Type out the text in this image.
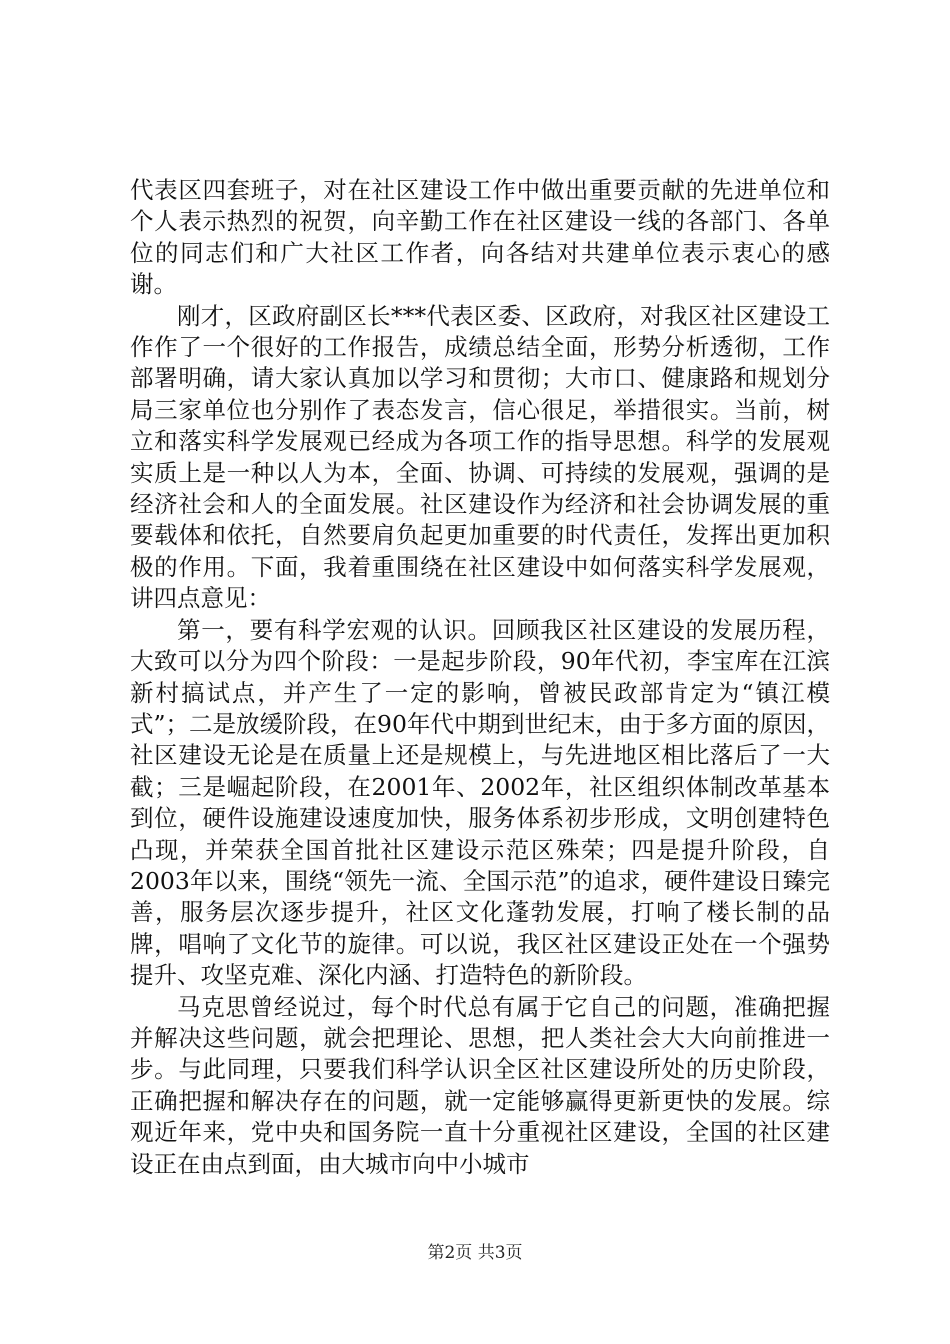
代表区四套班子，对在社区建设工作中做出重要贡献的先进单位和个人表示热烈的祝贺，向辛勤工作在社区建设一线的各部门、各单位的同志们和广大社区工作者，向各结对共建单位表示衷心的感谢。

刚才，区政府副区长***代表区委、区政府，对我区社区建设工作作了一个很好的工作报告，成绩总结全面，形势分析透彻，工作部署明确，请大家认真加以学习和贯彻；大市口、健康路和规划分局三家单位也分别作了表态发言，信心很足，举措很实。当前，树立和落实科学发展观已经成为各项工作的指导思想。科学的发展观实质上是一种以人为本，全面、协调、可持续的发展观，强调的是经济社会和人的全面发展。社区建设作为经济和社会协调发展的重要载体和依托，自然要肩负起更加重要的时代责任，发挥出更加积极的作用。下面，我着重围绕在社区建设中如何落实科学发展观，讲四点意见：

第一，要有科学宏观的认识。回顾我区社区建设的发展历程，大致可以分为四个阶段：一是起步阶段，90年代初，李宝库在江滨新村搞试点，并产生了一定的影响，曾被民政部肯定为“镇江模式”；二是放缓阶段，在90年代中期到世纪末，由于多方面的原因，社区建设无论是在质量上还是规模上，与先进地区相比落后了一大截；三是崛起阶段，在2001年、2002年，社区组织体制改革基本到位，硬件设施建设速度加快，服务体系初步形成，文明创建特色凸现，并荣获全国首批社区建设示范区殊荣；四是提升阶段，自2003年以来，围绕“领先一流、全国示范”的追求，硬件建设日臻完善，服务层次逐步提升，社区文化蓬勃发展，打响了楼长制的品牌，唱响了文化节的旋律。可以说，我区社区建设正处在一个强势提升、攻坚克难、深化内涵、打造特色的新阶段。

马克思曾经说过，每个时代总有属于它自己的问题，准确把握并解决这些问题，就会把理论、思想，把人类社会大大向前推进一步。与此同理，只要我们科学认识全区社区建设所处的历史阶段，正确把握和解决存在的问题，就一定能够赢得更新更快的发展。综观近年来，党中央和国务院一直十分重视社区建设，全国的社区建设正在由点到面，由大城市向中小城市

第2页 共3页
